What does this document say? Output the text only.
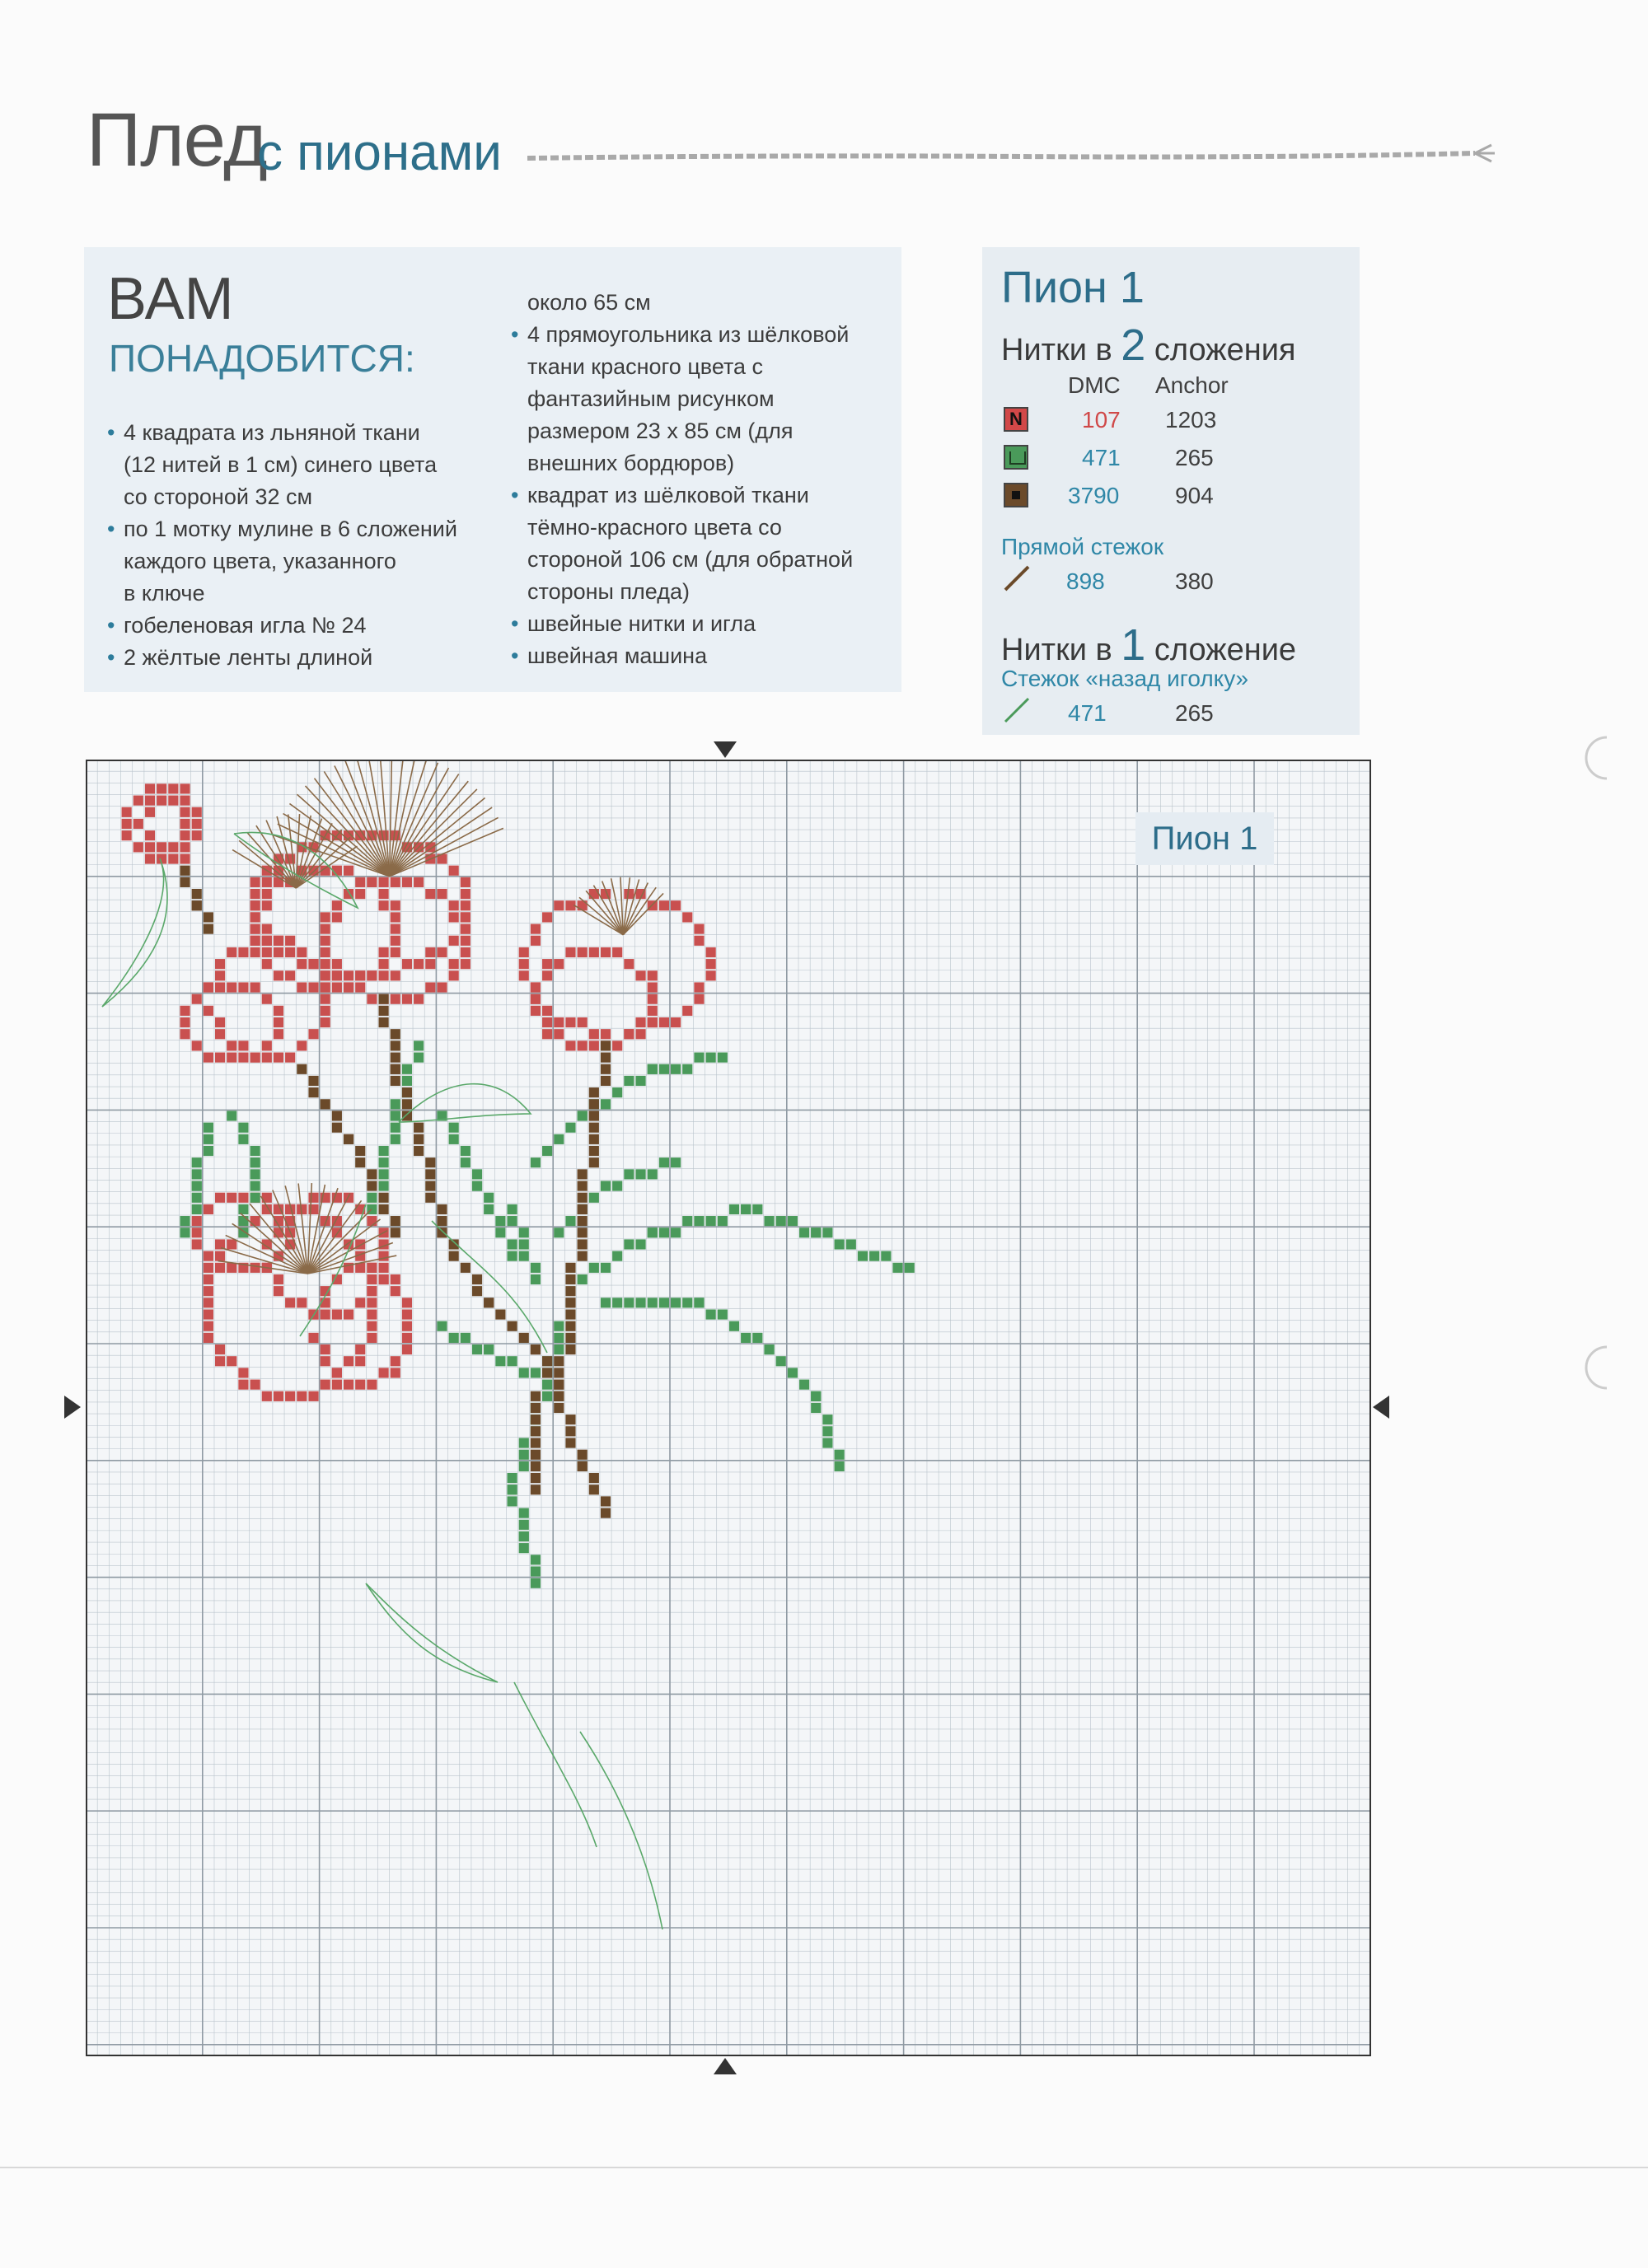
Плед
с пионами
ВАМ
ПОНАДОБИТСЯ:
• 4 квадрата из льняной ткани
(12 нитей в 1 см) синего цвета
со стороной 32 см
• по 1 мотку мулине в 6 сложений
каждого цвета, указанного
в ключе
• гобеленовая игла № 24
• 2 жёлтые ленты длиной
около 65 см
• 4 прямоугольника из шёлковой
ткани красного цвета с
фантазийным рисунком
размером 23 x 85 см (для
внешних бордюров)
• квадрат из шёлковой ткани
тёмно-красного цвета со
стороной 106 см (для обратной
стороны пледа)
• швейные нитки и игла
• швейная машина
Пион 1
Нитки в 2 сложения
DMC Anchor
N	107 1203
471 265
3790 904
Прямой стежок
898	380
Нитки в 1 сложение
Стежок «назад иголку»
471	265
Пион 1
